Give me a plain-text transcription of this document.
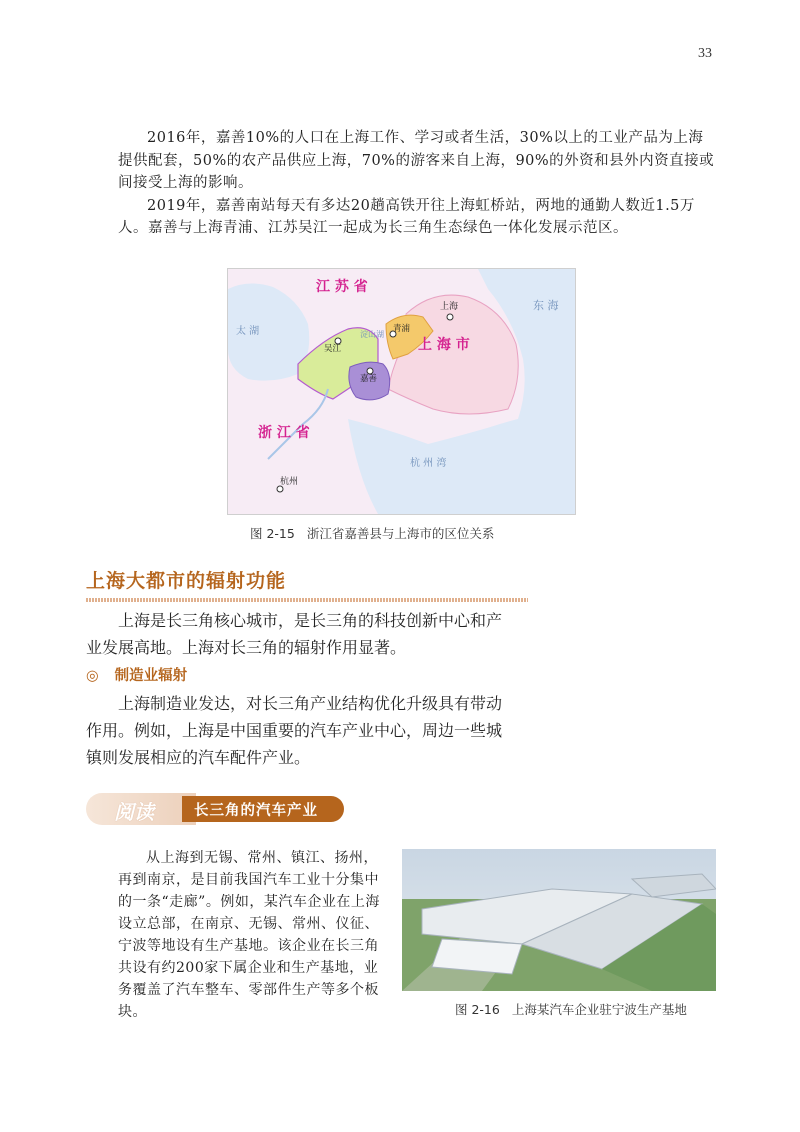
33

2016年，嘉善10%的人口在上海工作、学习或者生活，30%以上的工业产品为上海提供配套，50%的农产品供应上海，70%的游客来自上海，90%的外资和县外内资直接或间接受上海的影响。

2019年，嘉善南站每天有多达20趟高铁开往上海虹桥站，两地的通勤人数近1.5万人。嘉善与上海青浦、江苏吴江一起成为长三角生态绿色一体化发展示范区。

江 苏 省
上 海 市
浙 江 省
上海
青浦
吴江
嘉善
杭州
太 湖	淀山湖
杭 州 湾
东 海
图 2-15 浙江省嘉善县与上海市的区位关系
上海大都市的辐射功能

上海是长三角核心城市，是长三角的科技创新中心和产业发展高地。上海对长三角的辐射作用显著。

◎ 制造业辐射

上海制造业发达，对长三角产业结构优化升级具有带动作用。例如，上海是中国重要的汽车产业中心，周边一些城镇则发展相应的汽车配件产业。

阅读	长三角的汽车产业

从上海到无锡、常州、镇江、扬州，再到南京，是目前我国汽车工业十分集中的一条“走廊”。例如，某汽车企业在上海设立总部，在南京、无锡、常州、仪征、宁波等地设有生产基地。该企业在长三角共设有约200家下属企业和生产基地，业务覆盖了汽车整车、零部件生产等多个板块。	图 2-16 上海某汽车企业驻宁波生产基地
